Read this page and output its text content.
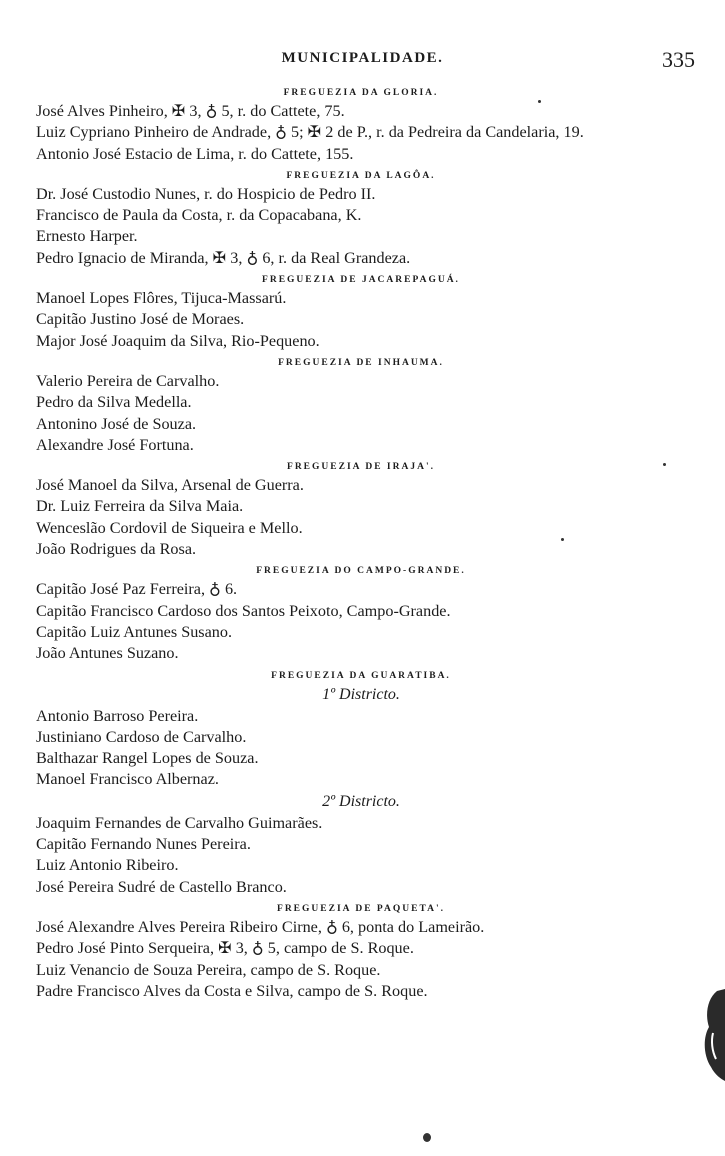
MUNICIPALIDADE.	335
FREGUEZIA DA GLORIA.
José Alves Pinheiro, ✠ 3, ♁ 5, r. do Cattete, 75.
Luiz Cypriano Pinheiro de Andrade, ♁ 5; ✠ 2 de P., r. da Pedreira da Candelaria, 19.
Antonio José Estacio de Lima, r. do Cattete, 155.
FREGUEZIA DA LAGÔA.
Dr. José Custodio Nunes, r. do Hospicio de Pedro II.
Francisco de Paula da Costa, r. da Copacabana, K.
Ernesto Harper.
Pedro Ignacio de Miranda, ✠ 3, ♁ 6, r. da Real Grandeza.
FREGUEZIA DE JACAREPAGUÁ.
Manoel Lopes Flôres, Tijuca-Massarú.
Capitão Justino José de Moraes.
Major José Joaquim da Silva, Rio-Pequeno.
FREGUEZIA DE INHAUMA.
Valerio Pereira de Carvalho.
Pedro da Silva Medella.
Antonino José de Souza.
Alexandre José Fortuna.
FREGUEZIA DE IRAJA'.
José Manoel da Silva, Arsenal de Guerra.
Dr. Luiz Ferreira da Silva Maia.
Wenceslão Cordovil de Siqueira e Mello.
João Rodrigues da Rosa.
FREGUEZIA DO CAMPO-GRANDE.
Capitão José Paz Ferreira, ♁ 6.
Capitão Francisco Cardoso dos Santos Peixoto, Campo-Grande.
Capitão Luiz Antunes Susano.
João Antunes Suzano.
FREGUEZIA DA GUARATIBA.
1º Districto.
Antonio Barroso Pereira.
Justiniano Cardoso de Carvalho.
Balthazar Rangel Lopes de Souza.
Manoel Francisco Albernaz.
2º Districto.
Joaquim Fernandes de Carvalho Guimarães.
Capitão Fernando Nunes Pereira.
Luiz Antonio Ribeiro.
José Pereira Sudré de Castello Branco.
FREGUEZIA DE PAQUETA'.
José Alexandre Alves Pereira Ribeiro Cirne, ♁ 6, ponta do Lameirão.
Pedro José Pinto Serqueira, ✠ 3, ♁ 5, campo de S. Roque.
Luiz Venancio de Souza Pereira, campo de S. Roque.
Padre Francisco Alves da Costa e Silva, campo de S. Roque.
